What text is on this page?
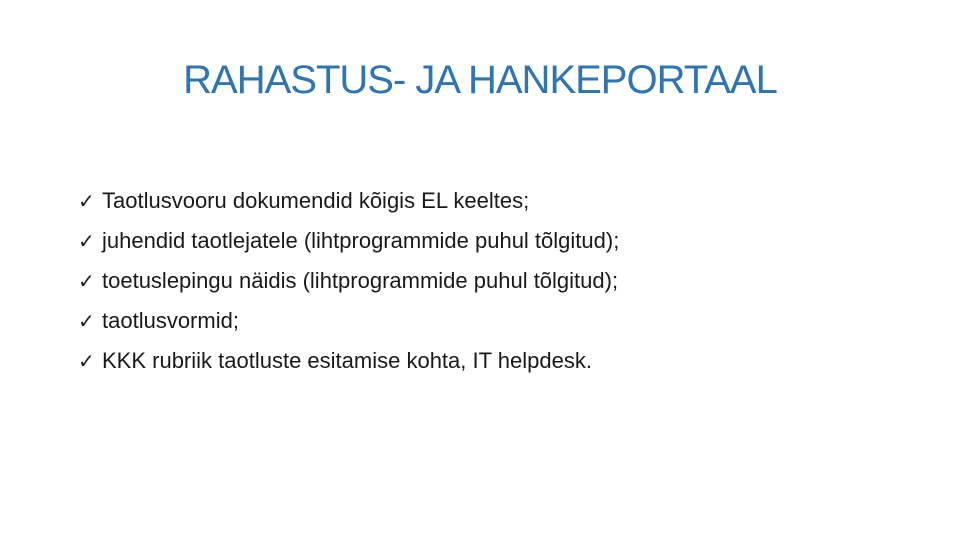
RAHASTUS- JA HANKEPORTAAL
✓ Taotlusvooru dokumendid kõigis EL keeltes;
✓ juhendid taotlejatele (lihtprogrammide puhul tõlgitud);
✓ toetuslepingu näidis (lihtprogrammide puhul tõlgitud);
✓ taotlusvormid;
✓ KKK rubriik taotluste esitamise kohta, IT helpdesk.
